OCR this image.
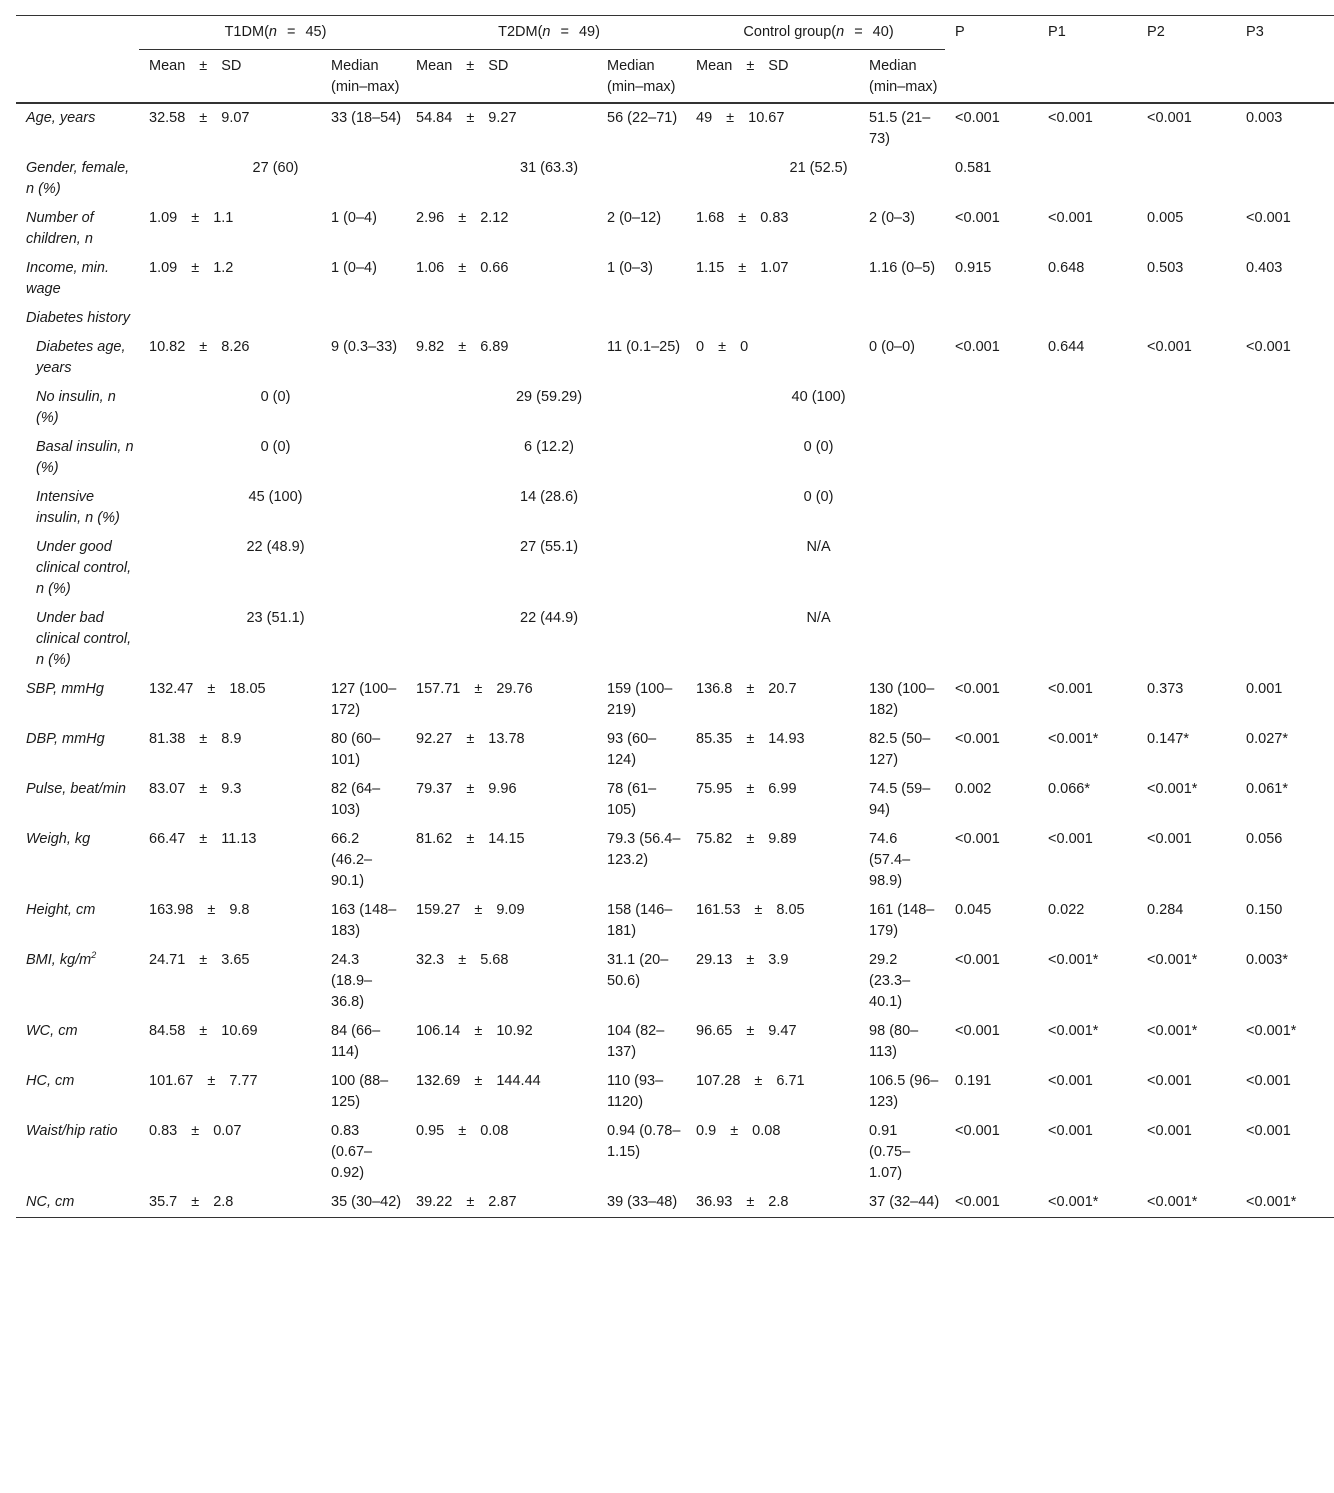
	T1DM(n = 45)		T2DM(n = 49)		Control group(n = 40)		P	P1	P2	P3
	Mean ± SD	Median (min–max)	Mean ± SD	Median (min–max)	Mean ± SD	Median (min–max)				

Age, years	32.58 ± 9.07	33 (18–54)	54.84 ± 9.27	56 (22–71)	49 ± 10.67	51.5 (21–73)	<0.001	<0.001	<0.001	0.003
Gender, female, n (%)	27 (60)		31 (63.3)		21 (52.5)		0.581			
Number of children, n	1.09 ± 1.1	1 (0–4)	2.96 ± 2.12	2 (0–12)	1.68 ± 0.83	2 (0–3)	<0.001	<0.001	0.005	<0.001
Income, min. wage	1.09 ± 1.2	1 (0–4)	1.06 ± 0.66	1 (0–3)	1.15 ± 1.07	1.16 (0–5)	0.915	0.648	0.503	0.403
Diabetes history										
Diabetes age, years	10.82 ± 8.26	9 (0.3–33)	9.82 ± 6.89	11 (0.1–25)	0 ± 0	0 (0–0)	<0.001	0.644	<0.001	<0.001
No insulin, n (%)	0 (0)		29 (59.29)		40 (100)					
Basal insulin, n (%)	0 (0)		6 (12.2)		0 (0)					
Intensive insulin, n (%)	45 (100)		14 (28.6)		0 (0)					
Under good clinical control, n (%)	22 (48.9)		27 (55.1)		N/A					
Under bad clinical control, n (%)	23 (51.1)		22 (44.9)		N/A					
SBP, mmHg	132.47 ± 18.05	127 (100–172)	157.71 ± 29.76	159 (100–219)	136.8 ± 20.7	130 (100–182)	<0.001	<0.001	0.373	0.001
DBP, mmHg	81.38 ± 8.9	80 (60–101)	92.27 ± 13.78	93 (60–124)	85.35 ± 14.93	82.5 (50–127)	<0.001	<0.001*	0.147*	0.027*
Pulse, beat/min	83.07 ± 9.3	82 (64–103)	79.37 ± 9.96	78 (61–105)	75.95 ± 6.99	74.5 (59–94)	0.002	0.066*	<0.001*	0.061*
Weigh, kg	66.47 ± 11.13	66.2 (46.2–90.1)	81.62 ± 14.15	79.3 (56.4–123.2)	75.82 ± 9.89	74.6 (57.4–98.9)	<0.001	<0.001	<0.001	0.056
Height, cm	163.98 ± 9.8	163 (148–183)	159.27 ± 9.09	158 (146–181)	161.53 ± 8.05	161 (148–179)	0.045	0.022	0.284	0.150
BMI, $kg/m^2$	24.71 ± 3.65	24.3 (18.9–36.8)	32.3 ± 5.68	31.1 (20–50.6)	29.13 ± 3.9	29.2 (23.3–40.1)	<0.001	<0.001*	<0.001*	0.003*
WC, cm	84.58 ± 10.69	84 (66–114)	106.14 ± 10.92	104 (82–137)	96.65 ± 9.47	98 (80–113)	<0.001	<0.001*	<0.001*	<0.001*
HC, cm	101.67 ± 7.77	100 (88–125)	132.69 ± 144.44	110 (93–1120)	107.28 ± 6.71	106.5 (96–123)	0.191	<0.001	<0.001	<0.001
Waist/hip ratio	0.83 ± 0.07	0.83 (0.67–0.92)	0.95 ± 0.08	0.94 (0.78–1.15)	0.9 ± 0.08	0.91 (0.75–1.07)	<0.001	<0.001	<0.001	<0.001
NC, cm	35.7 ± 2.8	35 (30–42)	39.22 ± 2.87	39 (33–48)	36.93 ± 2.8	37 (32–44)	<0.001	<0.001*	<0.001*	<0.001*
